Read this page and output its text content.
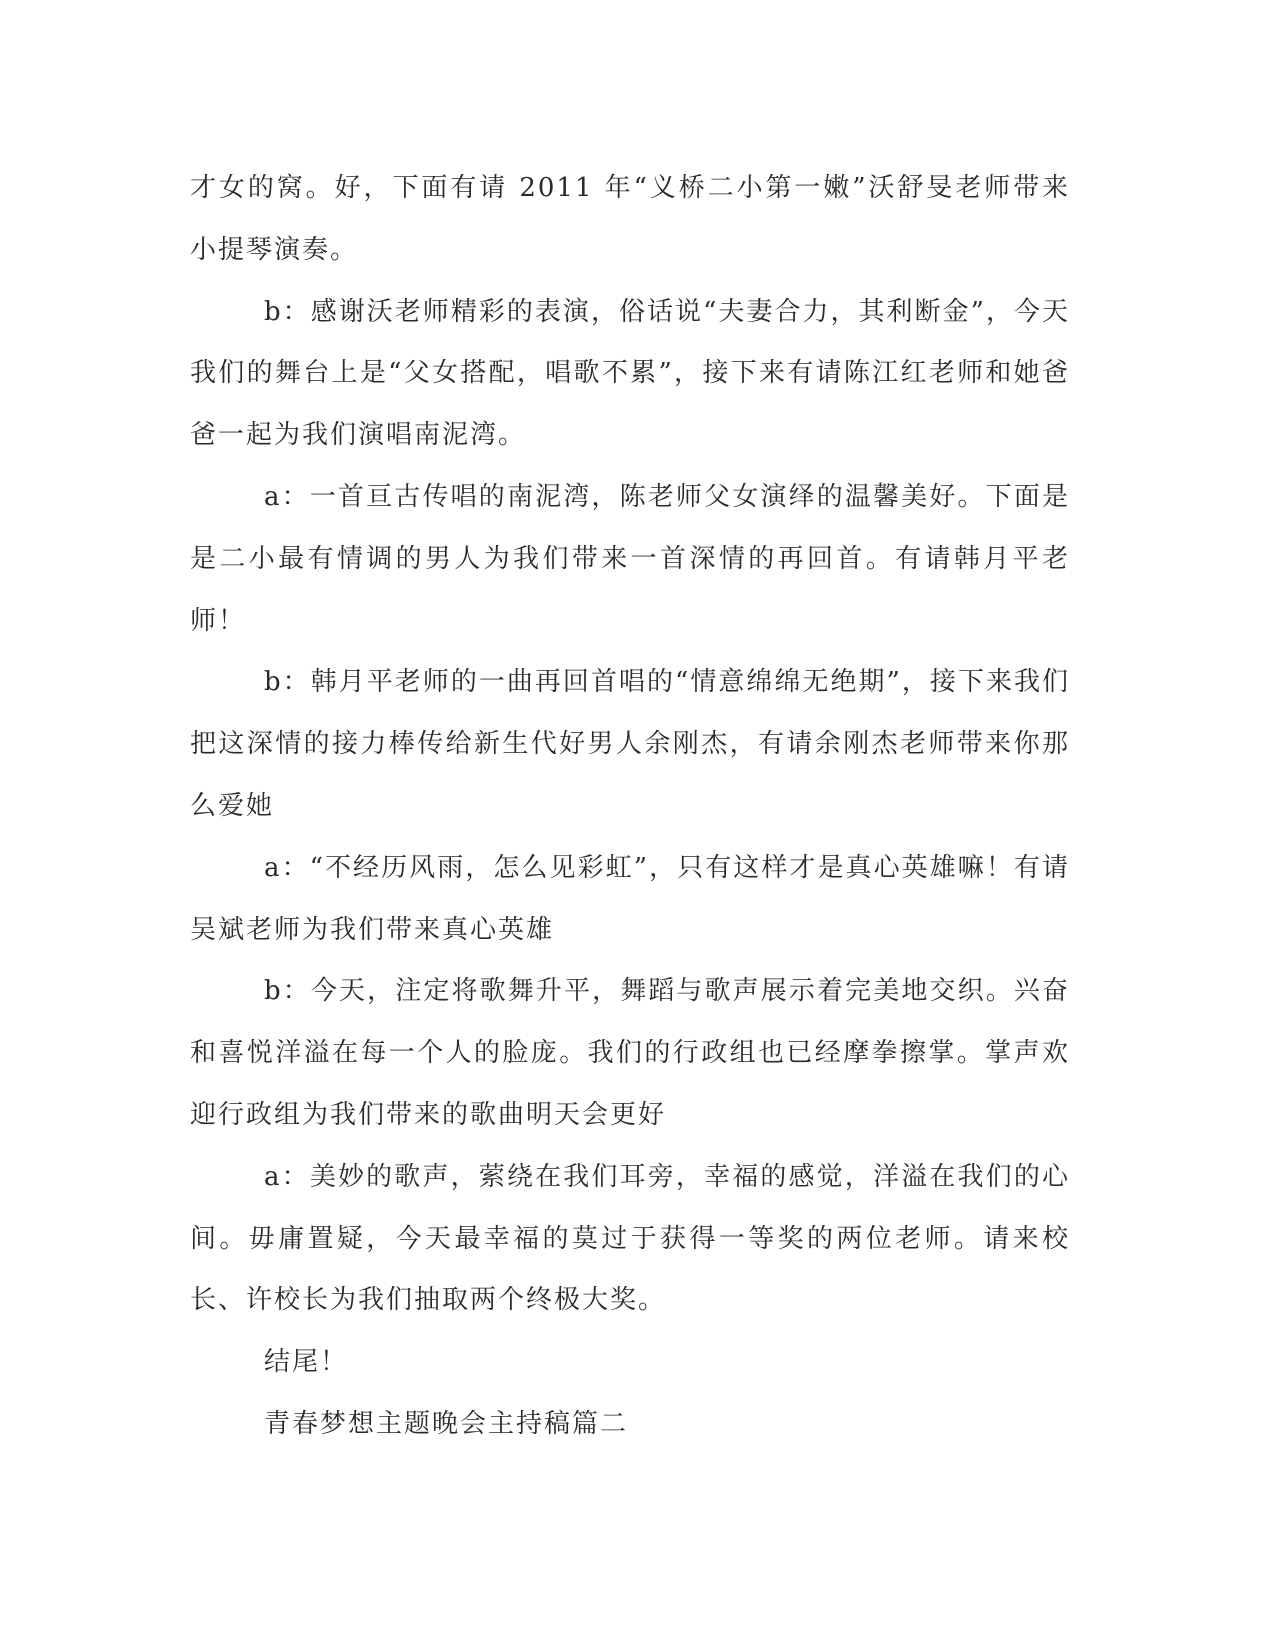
才女的窝。好，下面有请 2011 年“义桥二小第一嫩”沃舒旻老师带来小提琴演奏。

b：感谢沃老师精彩的表演，俗话说“夫妻合力，其利断金”，今天我们的舞台上是“父女搭配，唱歌不累”，接下来有请陈江红老师和她爸爸一起为我们演唱南泥湾。

a：一首亘古传唱的南泥湾，陈老师父女演绎的温馨美好。下面是是二小最有情调的男人为我们带来一首深情的再回首。有请韩月平老师！

b：韩月平老师的一曲再回首唱的“情意绵绵无绝期”，接下来我们把这深情的接力棒传给新生代好男人余刚杰，有请余刚杰老师带来你那么爱她

a：“不经历风雨，怎么见彩虹”，只有这样才是真心英雄嘛！有请吴斌老师为我们带来真心英雄

b：今天，注定将歌舞升平，舞蹈与歌声展示着完美地交织。兴奋和喜悦洋溢在每一个人的脸庞。我们的行政组也已经摩拳擦掌。掌声欢迎行政组为我们带来的歌曲明天会更好

a：美妙的歌声，萦绕在我们耳旁，幸福的感觉，洋溢在我们的心间。毋庸置疑，今天最幸福的莫过于获得一等奖的两位老师。请来校长、许校长为我们抽取两个终极大奖。

结尾！

青春梦想主题晚会主持稿篇二
